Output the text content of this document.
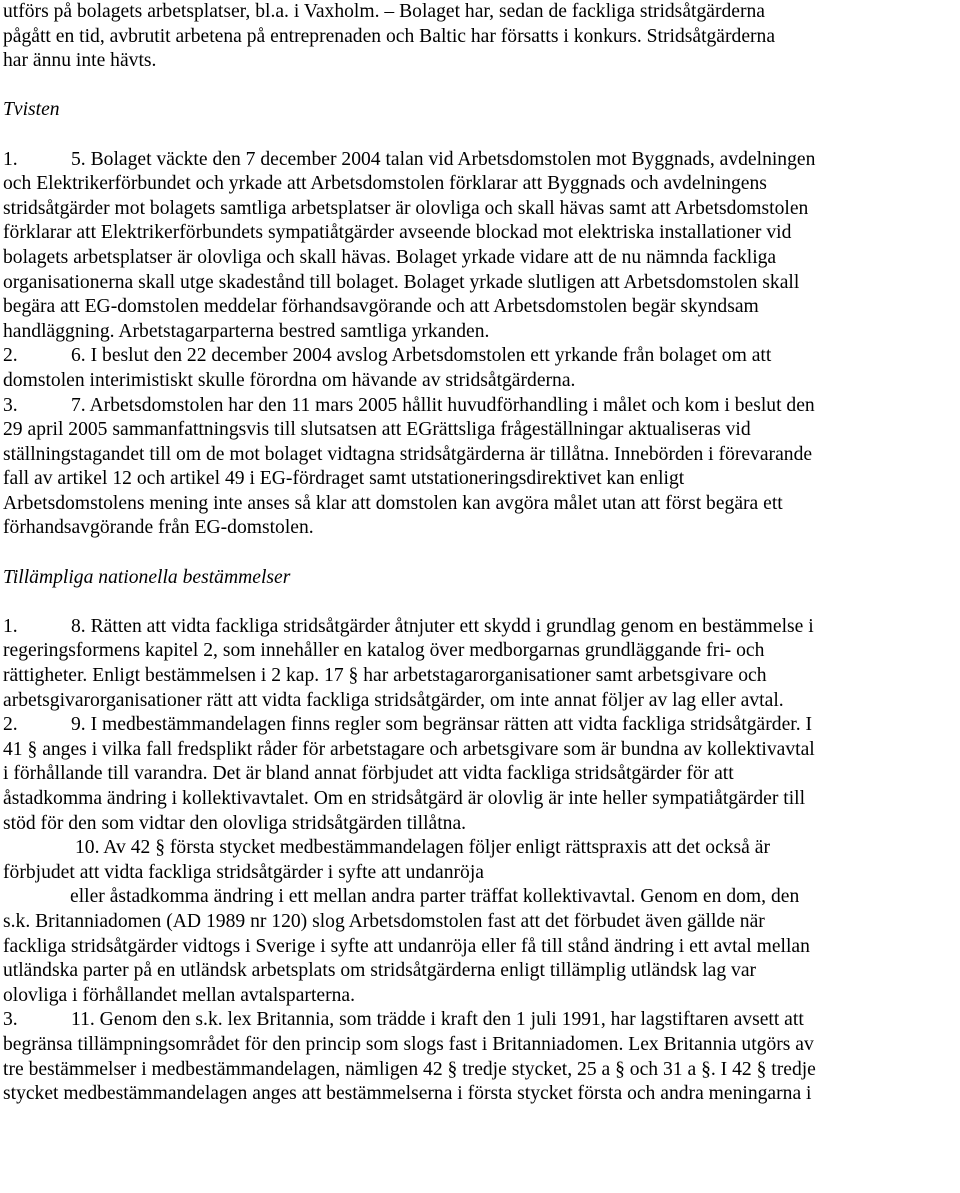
utförs på bolagets arbetsplatser, bl.a. i Vaxholm. – Bolaget har, sedan de fackliga stridsåtgärderna
pågått en tid, avbrutit arbetena på entreprenaden och Baltic har försatts i konkurs. Stridsåtgärderna
har ännu inte hävts.
Tvisten
1.	5. Bolaget väckte den 7 december 2004 talan vid Arbetsdomstolen mot Byggnads, avdelningen
och Elektrikerförbundet och yrkade att Arbetsdomstolen förklarar att Byggnads och avdelningens
stridsåtgärder mot bolagets samtliga arbetsplatser är olovliga och skall hävas samt att Arbetsdomstolen
förklarar att Elektrikerförbundets sympatiåtgärder avseende blockad mot elektriska installationer vid
bolagets arbetsplatser är olovliga och skall hävas. Bolaget yrkade vidare att de nu nämnda fackliga
organisationerna skall utge skadestånd till bolaget. Bolaget yrkade slutligen att Arbetsdomstolen skall
begära att EG-domstolen meddelar förhandsavgörande och att Arbetsdomstolen begär skyndsam
handläggning. Arbetstagarparterna bestred samtliga yrkanden.
2.	6. I beslut den 22 december 2004 avslog Arbetsdomstolen ett yrkande från bolaget om att
domstolen interimistiskt skulle förordna om hävande av stridsåtgärderna.
3.	7. Arbetsdomstolen har den 11 mars 2005 hållit huvudförhandling i målet och kom i beslut den
29 april 2005 sammanfattningsvis till slutsatsen att EGrättsliga frågeställningar aktualiseras vid
ställningstagandet till om de mot bolaget vidtagna stridsåtgärderna är tillåtna. Innebörden i förevarande
fall av artikel 12 och artikel 49 i EG-fördraget samt utstationeringsdirektivet kan enligt
Arbetsdomstolens mening inte anses så klar att domstolen kan avgöra målet utan att först begära ett
förhandsavgörande från EG-domstolen.
Tillämpliga nationella bestämmelser
1.	8. Rätten att vidta fackliga stridsåtgärder åtnjuter ett skydd i grundlag genom en bestämmelse i
regeringsformens kapitel 2, som innehåller en katalog över medborgarnas grundläggande fri- och
rättigheter. Enligt bestämmelsen i 2 kap. 17 § har arbetstagarorganisationer samt arbetsgivare och
arbetsgivarorganisationer rätt att vidta fackliga stridsåtgärder, om inte annat följer av lag eller avtal.
2.	9. I medbestämmandelagen finns regler som begränsar rätten att vidta fackliga stridsåtgärder. I
41 § anges i vilka fall fredsplikt råder för arbetstagare och arbetsgivare som är bundna av kollektivavtal
i förhållande till varandra. Det är bland annat förbjudet att vidta fackliga stridsåtgärder för att
åstadkomma ändring i kollektivavtalet. Om en stridsåtgärd är olovlig är inte heller sympatiåtgärder till
stöd för den som vidtar den olovliga stridsåtgärden tillåtna.
10. Av 42 § första stycket medbestämmandelagen följer enligt rättspraxis att det också är
förbjudet att vidta fackliga stridsåtgärder i syfte att undanröja
eller åstadkomma ändring i ett mellan andra parter träffat kollektivavtal. Genom en dom, den
s.k. Britanniadomen (AD 1989 nr 120) slog Arbetsdomstolen fast att det förbudet även gällde när
fackliga stridsåtgärder vidtogs i Sverige i syfte att undanröja eller få till stånd ändring i ett avtal mellan
utländska parter på en utländsk arbetsplats om stridsåtgärderna enligt tillämplig utländsk lag var
olovliga i förhållandet mellan avtalsparterna.
3.	11. Genom den s.k. lex Britannia, som trädde i kraft den 1 juli 1991, har lagstiftaren avsett att
begränsa tillämpningsområdet för den princip som slogs fast i Britanniadomen. Lex Britannia utgörs av
tre bestämmelser i medbestämmandelagen, nämligen 42 § tredje stycket, 25 a § och 31 a §. I 42 § tredje
stycket medbestämmandelagen anges att bestämmelserna i första stycket första och andra meningarna i
